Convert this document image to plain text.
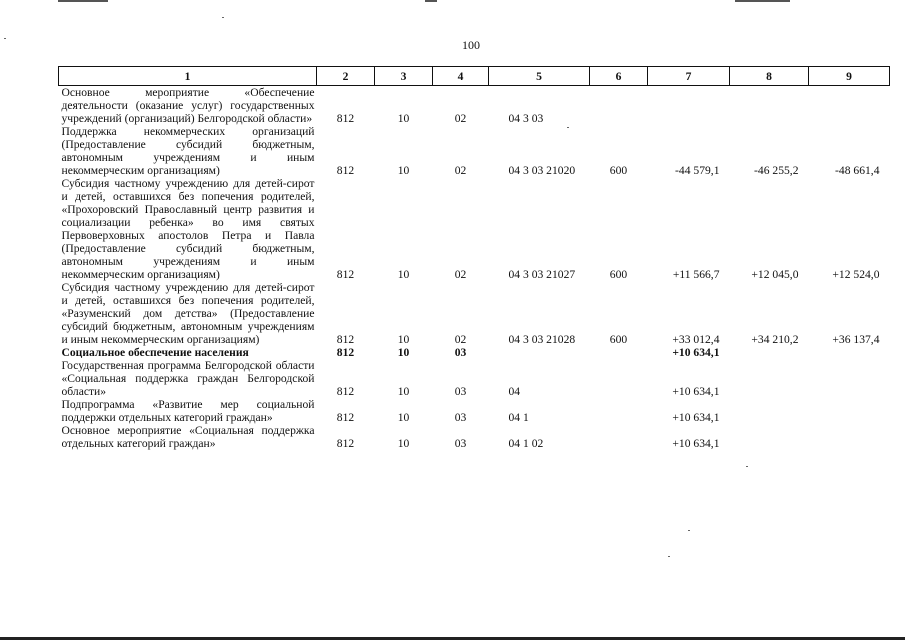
100
1	2	3	4	5	6	7	8	9
Основное мероприятие «Обеспечение деятельности (оказание услуг) государственных учреждений (организаций) Белгородской области»	812	10	02	04 3 03				
Поддержка некоммерческих организаций (Предоставление субсидий бюджетным, автономным учреждениям и иным некоммерческим организациям)	812	10	02	04 3 03 21020	600	-44 579,1	-46 255,2	-48 661,4
Субсидия частному учреждению для детей-сирот и детей, оставшихся без попечения родителей, «Прохоровский Православный центр развития и социализации ребенка» во имя святых Первоверховных апостолов Петра и Павла (Предоставление субсидий бюджетным, автономным учреждениям и иным некоммерческим организациям)	812	10	02	04 3 03 21027	600	+11 566,7	+12 045,0	+12 524,0
Субсидия частному учреждению для детей-сирот и детей, оставшихся без попечения родителей, «Разуменский дом детства» (Предоставление субсидий бюджетным, автономным учреждениям и иным некоммерческим организациям)	812	10	02	04 3 03 21028	600	+33 012,4	+34 210,2	+36 137,4
Социальное обеспечение населения	812	10	03			+10 634,1		
Государственная программа Белгородской области «Социальная поддержка граждан Белгородской области»	812	10	03	04		+10 634,1		
Подпрограмма «Развитие мер социальной поддержки отдельных категорий граждан»	812	10	03	04 1		+10 634,1		
Основное мероприятие «Социальная поддержка отдельных категорий граждан»	812	10	03	04 1 02		+10 634,1		
